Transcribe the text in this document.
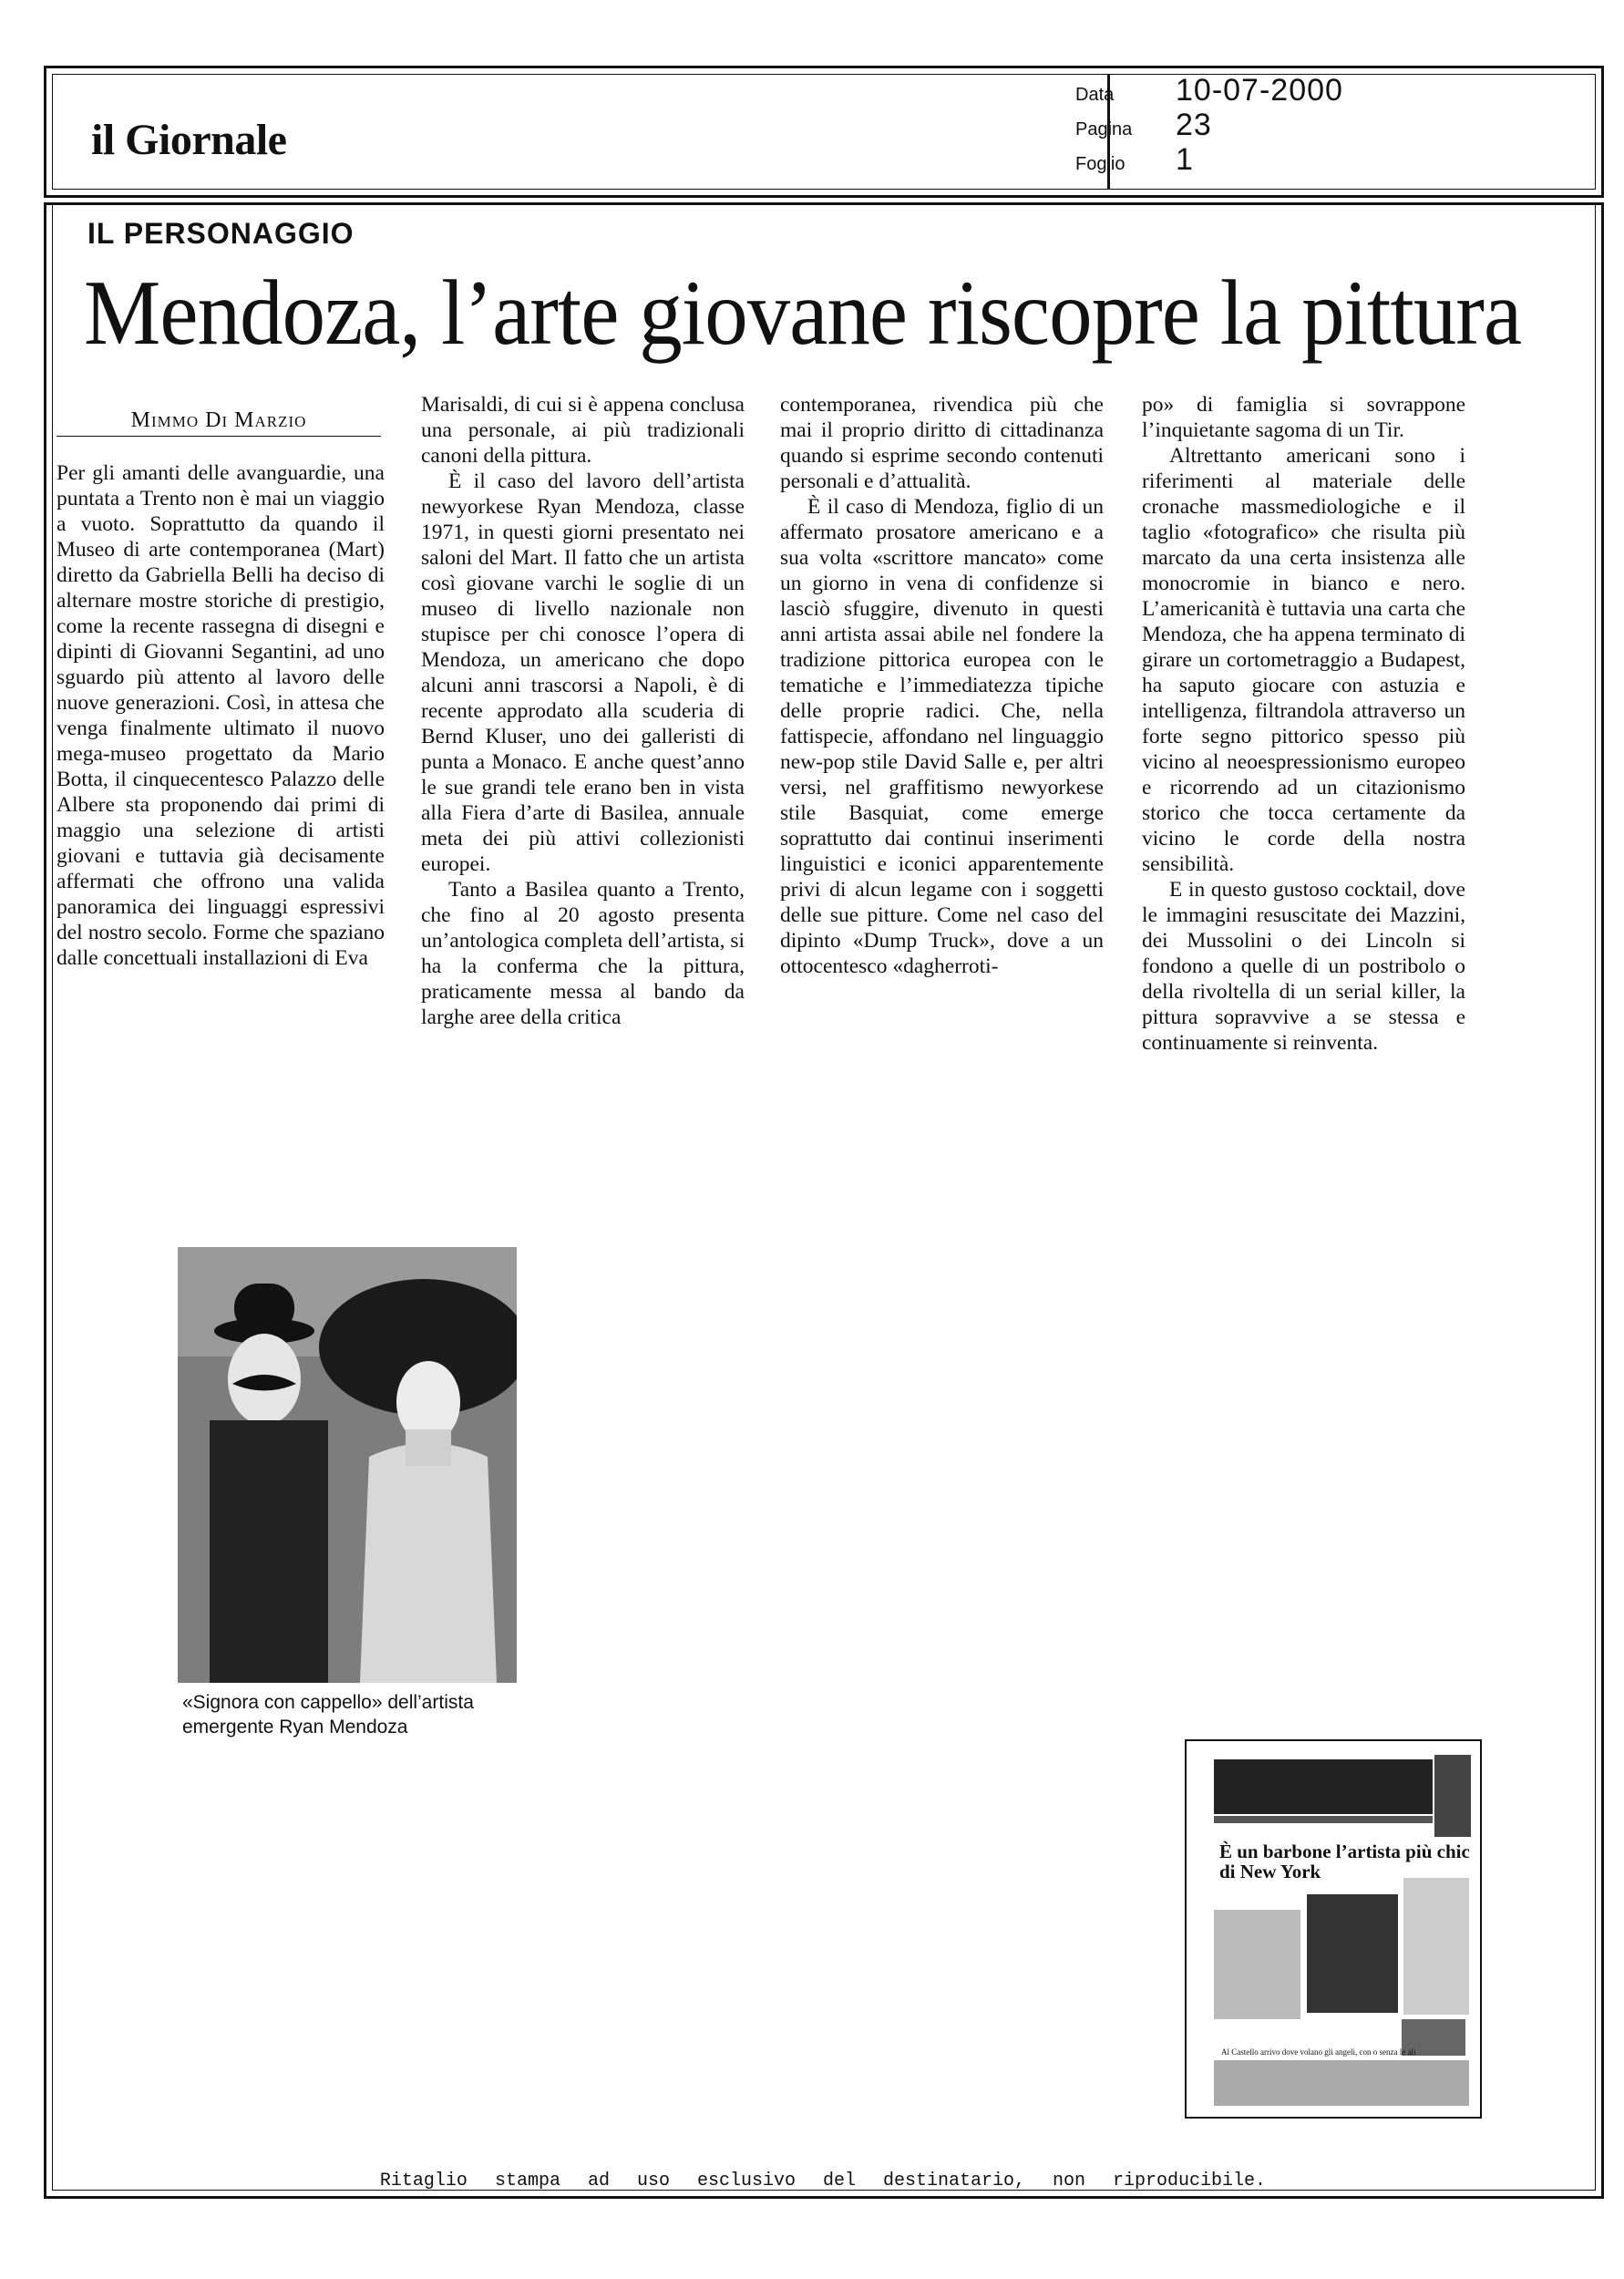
il Giornale
Data	10-07-2000
Pagina	23
Foglio	1
IL PERSONAGGIO
Mendoza, l’arte giovane riscopre la pittura
Mimmo Di Marzio

Per gli amanti delle avanguardie, una puntata a Trento non è mai un viaggio a vuoto. Soprattutto da quando il Museo di arte contemporanea (Mart) diretto da Gabriella Belli ha deciso di alternare mostre storiche di prestigio, come la recente rassegna di disegni e dipinti di Giovanni Segantini, ad uno sguardo più attento al lavoro delle nuove generazioni. Così, in attesa che venga finalmente ultimato il nuovo mega-museo progettato da Mario Botta, il cinquecentesco Palazzo delle Albere sta proponendo dai primi di maggio una selezione di artisti giovani e tuttavia già decisamente affermati che offrono una valida panoramica dei linguaggi espressivi del nostro secolo. Forme che spaziano dalle concettuali installazioni di Eva

Marisaldi, di cui si è appena conclusa una personale, ai più tradizionali canoni della pittura.

È il caso del lavoro dell’artista newyorkese Ryan Mendoza, classe 1971, in questi giorni presentato nei saloni del Mart. Il fatto che un artista così giovane varchi le soglie di un museo di livello nazionale non stupisce per chi conosce l’opera di Mendoza, un americano che dopo alcuni anni trascorsi a Napoli, è di recente approdato alla scuderia di Bernd Kluser, uno dei galleristi di punta a Monaco. E anche quest’anno le sue grandi tele erano ben in vista alla Fiera d’arte di Basilea, annuale meta dei più attivi collezionisti europei.

Tanto a Basilea quanto a Trento, che fino al 20 agosto presenta un’antologica completa dell’artista, si ha la conferma che la pittura, praticamente messa al bando da larghe aree della critica

contemporanea, rivendica più che mai il proprio diritto di cittadinanza quando si esprime secondo contenuti personali e d’attualità.

È il caso di Mendoza, figlio di un affermato prosatore americano e a sua volta «scrittore mancato» come un giorno in vena di confidenze si lasciò sfuggire, divenuto in questi anni artista assai abile nel fondere la tradizione pittorica europea con le tematiche e l’immediatezza tipiche delle proprie radici. Che, nella fattispecie, affondano nel linguaggio new-pop stile David Salle e, per altri versi, nel graffitismo newyorkese stile Basquiat, come emerge soprattutto dai continui inserimenti linguistici e iconici apparentemente privi di alcun legame con i soggetti delle sue pitture. Come nel caso del dipinto «Dump Truck», dove a un ottocentesco «dagherroti-

po» di famiglia si sovrappone l’inquietante sagoma di un Tir.

Altrettanto americani sono i riferimenti al materiale delle cronache massmediologiche e il taglio «fotografico» che risulta più marcato da una certa insistenza alle monocromie in bianco e nero. L’americanità è tuttavia una carta che Mendoza, che ha appena terminato di girare un cortometraggio a Budapest, ha saputo giocare con astuzia e intelligenza, filtrandola attraverso un forte segno pittorico spesso più vicino al neoespressionismo europeo e ricorrendo ad un citazionismo storico che tocca certamente da vicino le corde della nostra sensibilità.

E in questo gustoso cocktail, dove le immagini resuscitate dei Mazzini, dei Mussolini o dei Lincoln si fondono a quelle di un postribolo o della rivoltella di un serial killer, la pittura sopravvive a se stessa e continuamente si reinventa.

«Signora con cappello» dell’artista emergente Ryan Mendoza
È un barbone l’artista più chic di New York
Al Castello arrivo dove volano gli angeli, con o senza le ali
Ritaglio stampa ad uso esclusivo del destinatario, non riproducibile.
